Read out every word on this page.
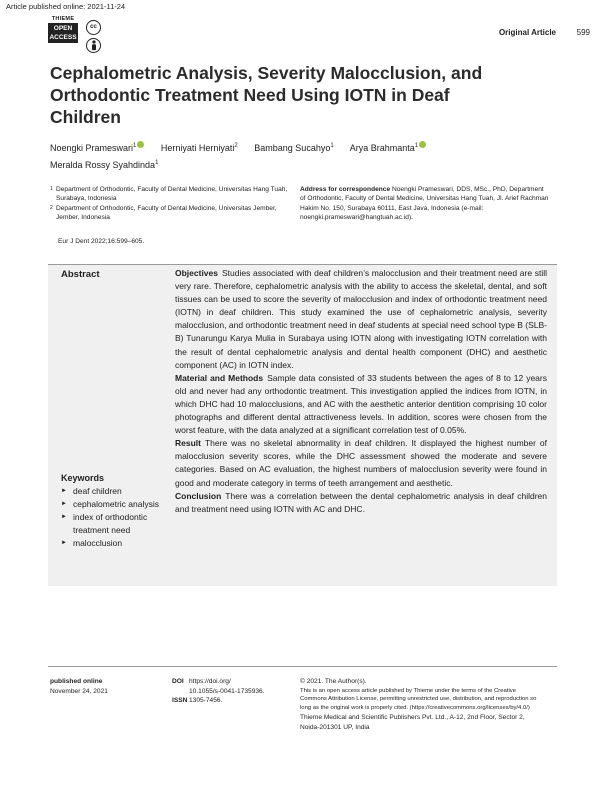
Article published online: 2021-11-24
THIEME
OPEN
ACCESS
cc
Original Article	599
Cephalometric Analysis, Severity Malocclusion, and Orthodontic Treatment Need Using IOTN in Deaf Children
Noengki Prameswari$^1$	Herniyati Herniyati$^2$ Bambang Sucahyo$^1$ Arya Brahmanta$^1$
Meralda Rossy Syahdinda$^1$
1 Department of Orthodontic, Faculty of Dental Medicine, Universitas Hang Tuah, Surabaya, Indonesia
2 Department of Orthodontic, Faculty of Dental Medicine, Universitas Jember, Jember, Indonesia
Address for correspondence Noengki Prameswari, DDS, MSc., PhD, Department of Orthodontic, Faculty of Dental Medicine, Universitas Hang Tuah, Jl. Arief Rachman Hakim No. 150, Surabaya 60111, East Java, Indonesia (e-mail: noengki.prameswari@hangtuah.ac.id).
Eur J Dent 2022;16:599–605.
Abstract	Objectives Studies associated with deaf children’s malocclusion and their treatment need are still very rare. Therefore, cephalometric analysis with the ability to access the skeletal, dental, and soft tissues can be used to score the severity of malocclusion and index of orthodontic treatment need (IOTN) in deaf children. This study examined the use of cephalometric analysis, severity malocclusion, and orthodontic treatment need in deaf students at special need school type B (SLB-B) Tunarungu Karya Mulia in Surabaya using IOTN along with investigating IOTN correlation with the result of dental cephalometric analysis and dental health component (DHC) and aesthetic component (AC) in IOTN index.

Material and Methods Sample data consisted of 33 students between the ages of 8 to 12 years old and never had any orthodontic treatment. This investigation applied the indices from IOTN, in which DHC had 10 malocclusions, and AC with the aesthetic anterior dentition comprising 10 color photographs and different dental attractiveness levels. In addition, scores were chosen from the worst feature, with the data analyzed at a significant correlation test of 0.05%.

Result There was no skeletal abnormality in deaf children. It displayed the highest number of malocclusion severity scores, while the DHC assessment showed the moderate and severe categories. Based on AC evaluation, the highest numbers of malocclusion severity were found in good and moderate category in terms of teeth arrangement and aesthetic.

Conclusion There was a correlation between the dental cephalometric analysis in deaf children and treatment need using IOTN with AC and DHC.

Keywords
► deaf children
► cephalometric analysis
► index of orthodontic treatment need
► malocclusion
published online
November 24, 2021
DOI https://doi.org/
10.1055/s-0041-1735936.
ISSN 1305-7456.
© 2021. The Author(s).
This is an open access article published by Thieme under the terms of the Creative Commons Attribution License, permitting unrestricted use, distribution, and reproduction so long as the original work is properly cited. (https://creativecommons.org/licenses/by/4.0/)
Thieme Medical and Scientific Publishers Pvt. Ltd., A-12, 2nd Floor, Sector 2, Noida-201301 UP, India
